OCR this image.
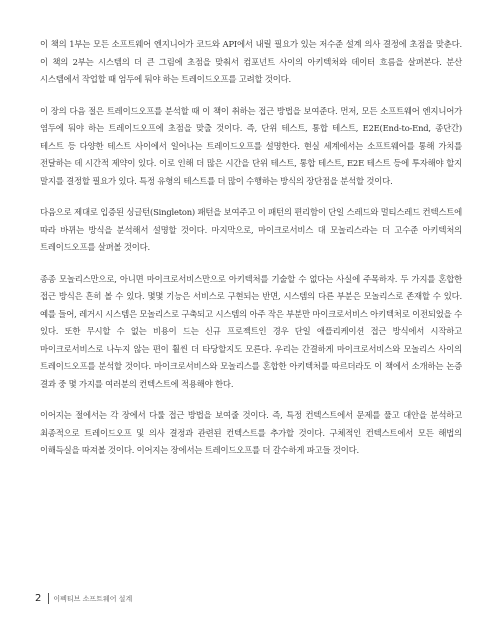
이 책의 1부는 모든 소프트웨어 엔지니어가 코드와 API에서 내릴 필요가 있는 저수준 설계 의사 결정에 초점을 맞춘다. 이 책의 2부는 시스템의 더 큰 그림에 초점을 맞춰서 컴포넌트 사이의 아키텍처와 데이터 흐름을 살펴본다. 분산 시스템에서 작업할 때 엄두에 둬야 하는 트레이드오프를 고려할 것이다.

이 장의 다음 절은 트레이드오프를 분석할 때 이 책이 취하는 접근 방법을 보여준다. 먼저, 모든 소프트웨어 엔지니어가 염두에 둬야 하는 트레이드오프에 초점을 맞출 것이다. 즉, 단위 테스트, 통합 테스트, E2E(End-to-End, 종단간) 테스트 등 다양한 테스트 사이에서 일어나는 트레이드오프를 설명한다. 현실 세계에서는 소프트웨어를 통해 가치를 전달하는 데 시간적 제약이 있다. 이로 인해 더 많은 시간을 단위 테스트, 통합 테스트, E2E 테스트 등에 투자해야 할지 말지를 결정할 필요가 있다. 특정 유형의 테스트를 더 많이 수행하는 방식의 장단점을 분석할 것이다.

다음으로 제대로 입증된 싱글턴(Singleton) 패턴을 보여주고 이 패턴의 편리함이 단일 스레드와 멀티스레드 컨텍스트에 따라 바뀌는 방식을 분석해서 설명할 것이다. 마지막으로, 마이크로서비스 대 모놀리스라는 더 고수준 아키텍처의 트레이드오프를 살펴볼 것이다.

종종 모놀리스만으로, 아니면 마이크로서비스만으로 아키텍처를 기술할 수 없다는 사실에 주목하자. 두 가지를 혼합한 접근 방식은 흔히 볼 수 있다. 몇몇 기능은 서비스로 구현되는 반면, 시스템의 다른 부분은 모놀리스로 존재할 수 있다. 예를 들어, 레거시 시스템은 모놀리스로 구축되고 시스템의 아주 작은 부분만 마이크로서비스 아키텍처로 이전되었을 수 있다. 또한 무시할 수 없는 비용이 드는 신규 프로젝트인 경우 단일 애플리케이션 접근 방식에서 시작하고 마이크로서비스로 나누지 않는 편이 훨씬 더 타당할지도 모른다. 우리는 간결하게 마이크로서비스와 모놀리스 사이의 트레이드오프를 분석할 것이다. 마이크로서비스와 모놀리스를 혼합한 아키텍처를 따르더라도 이 책에서 소개하는 논증 결과 중 몇 가지를 여러분의 컨텍스트에 적용해야 한다.

이어지는 절에서는 각 장에서 다룰 접근 방법을 보여줄 것이다. 즉, 특정 컨텍스트에서 문제를 풀고 대안을 분석하고 최종적으로 트레이드오프 및 의사 결정과 관련된 컨텍스트를 추가할 것이다. 구체적인 컨텍스트에서 모든 해법의 이해득실을 따져볼 것이다. 이어지는 장에서는 트레이드오프를 더 갈수하게 파고들 것이다.

2 이펙티브 소프트웨어 설계
